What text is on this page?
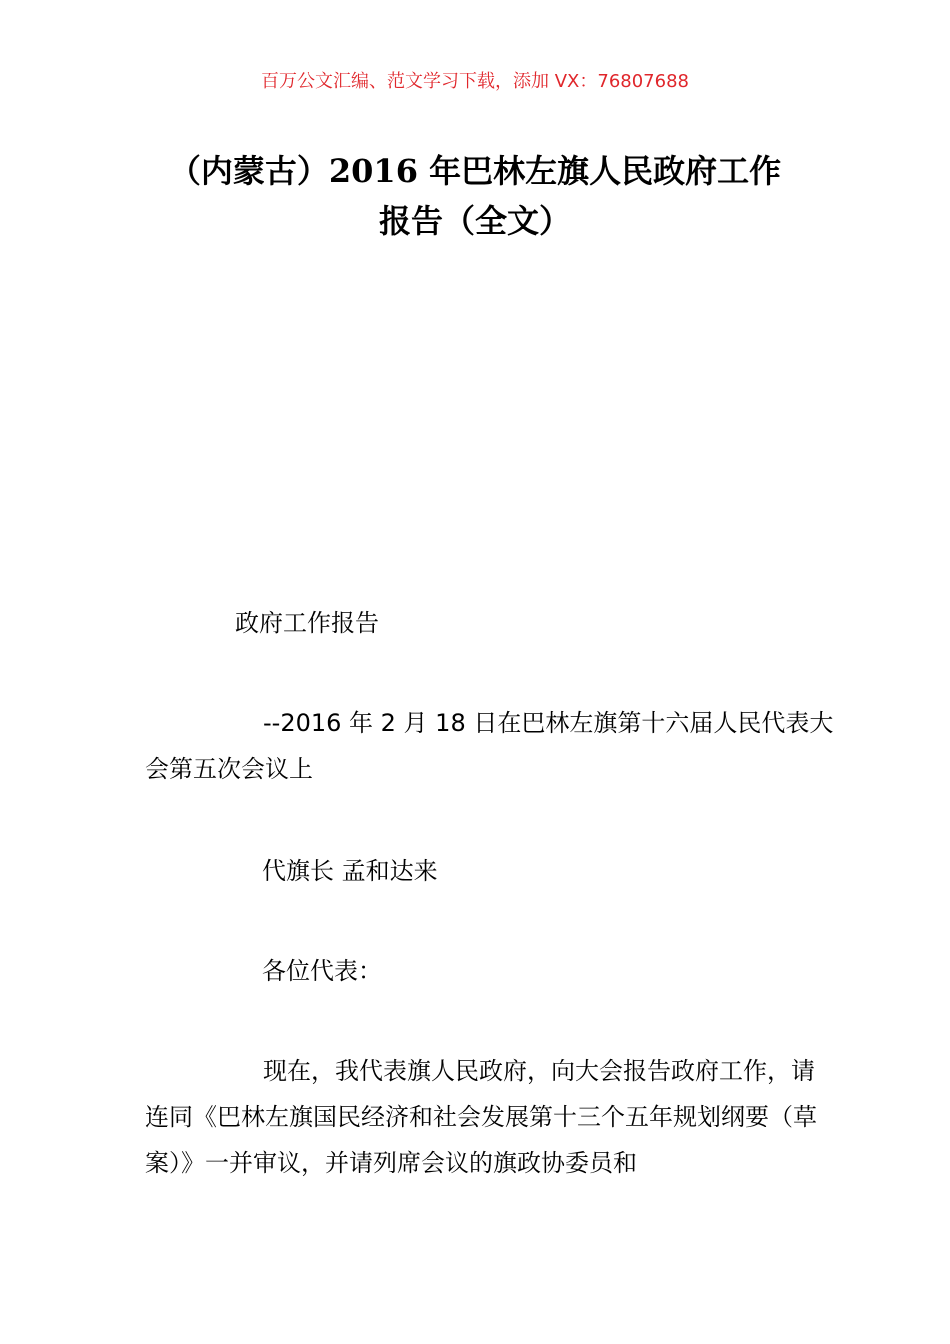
百万公文汇编、范文学习下载，添加 VX：76807688
（内蒙古）2016 年巴林左旗人民政府工作
报告（全文）

政府工作报告

--2016 年 2 月 18 日在巴林左旗第十六届人民代表大会第五次会议上

代旗长 孟和达来

各位代表：

现在，我代表旗人民政府，向大会报告政府工作，请连同《巴林左旗国民经济和社会发展第十三个五年规划纲要（草案）》一并审议，并请列席会议的旗政协委员和
